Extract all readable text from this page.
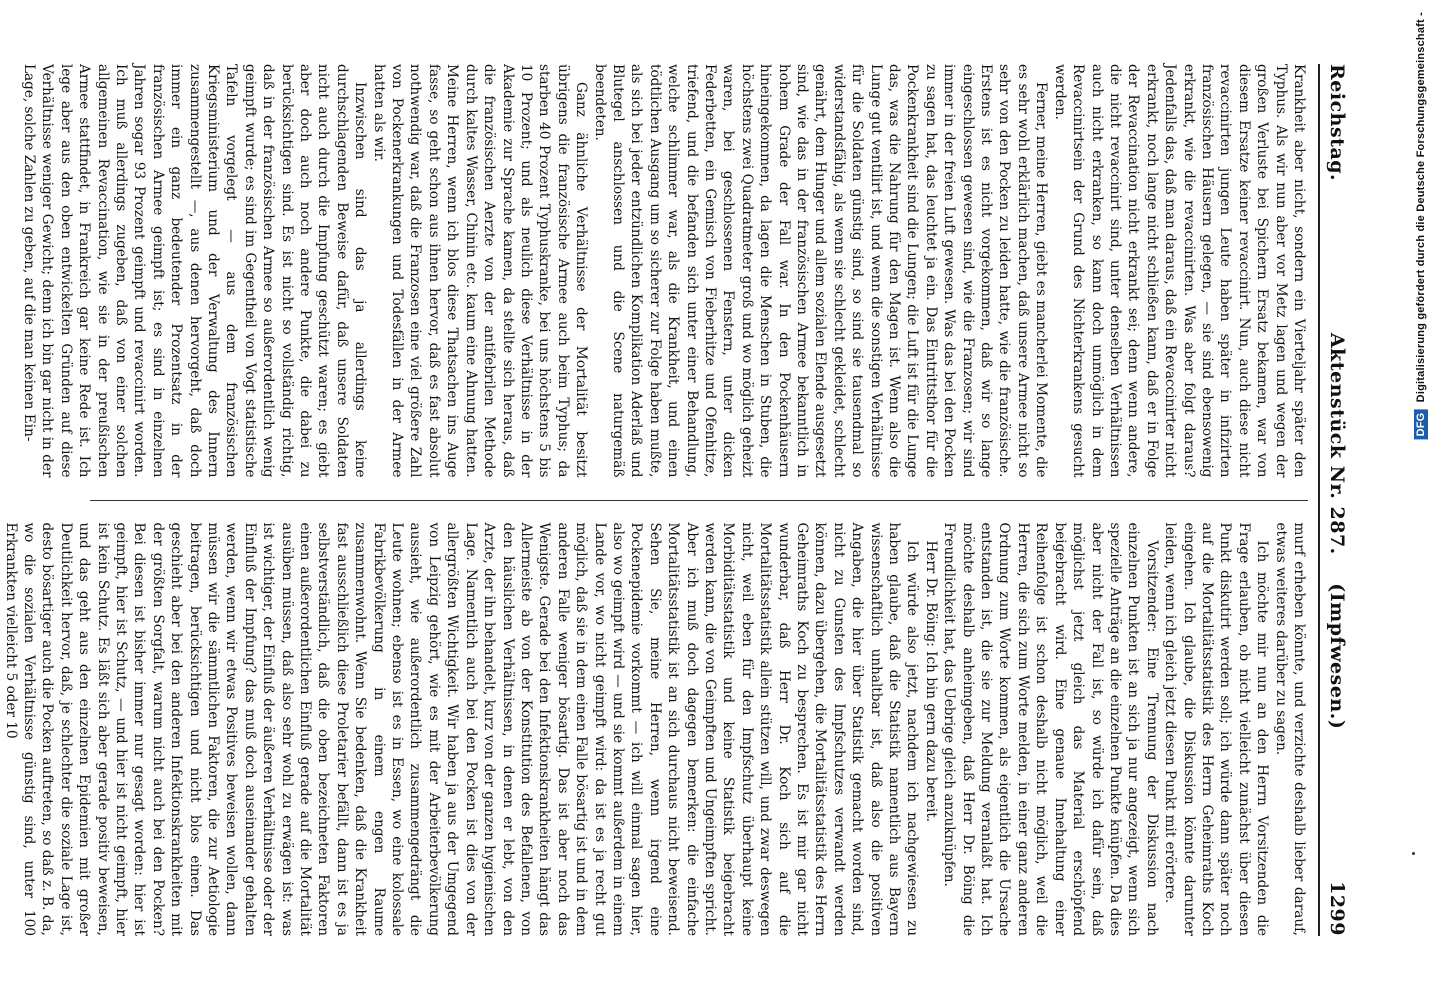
Reichstag.
Aktenstück Nr. 287.    (Impfwesen.)
1299

Krankheit aber nicht, sondern ein Vierteljahr später den Typhus. Als wir nun aber vor Metz lagen und wegen der großen Verluste bei Spichern Ersatz bekamen, war von diesem Ersatze keiner revaccinirt. Nun, auch diese nicht revaccinirten jungen Leute haben später in infizirten französischen Häusern gelegen, — sie sind ebensowenig erkrankt, wie die revaccinirten. Was aber folgt daraus? Jedenfalls das, daß man daraus, daß ein Revaccinirter nicht erkrankt, noch lange nicht schließen kann, daß er in Folge der Revaccination nicht erkrankt sei; denn wenn andere, die nicht revaccinirt sind, unter denselben Verhältnissen auch nicht erkranken, so kann doch unmöglich in dem Revaccinirtsein der Grund des Nichterkrankens gesucht werden.

Ferner, meine Herren, giebt es mancherlei Momente, die es sehr wohl erklärlich machen, daß unsere Armee nicht so sehr von den Pocken zu leiden hatte, wie die französische. Erstens ist es nicht vorgekommen, daß wir so lange eingeschlossen gewesen sind, wie die Franzosen; wir sind immer in der freien Luft gewesen. Was das bei den Pocken zu sagen hat, das leuchtet ja ein. Das Eintrittsthor für die Pockenkrankheit sind die Lungen; die Luft ist für die Lunge das, was die Nahrung für den Magen ist. Wenn also die Lunge gut ventilirt ist, und wenn die sonstigen Verhältnisse für die Soldaten günstig sind, so sind sie tausendmal so widerstandsfähig, als wenn sie schlecht gekleidet, schlecht genährt, dem Hunger und allem sozialen Elende ausgesetzt sind, wie das in der französischen Armee bekanntlich in hohem Grade der Fall war. In den Pockenhäusern hineingekommen, da lagen die Menschen in Stuben, die höchstens zwei Quadratmeter groß und wo möglich geheizt waren, bei geschlossenen Fenstern, unter dicken Federbetten, ein Gemisch von Fieberhitze und Ofenhitze, triefend, und die befanden sich unter einer Behandlung, welche schlimmer war, als die Krankheit, und einen tödtlichen Ausgang um so sicherer zur Folge haben mußte, als sich bei jeder entzündlichen Komplikation Aderlaß und Blutegel anschlossen und die Scene naturgemäß beendeten.

Ganz ähnliche Verhältnisse der Mortalität besitzt übrigens die französische Armee auch beim Typhus; da starben 40 Prozent Typhuskranke, bei uns höchstens 5 bis 10 Prozent; und als neulich diese Verhältnisse in der Akademie zur Sprache kamen, da stellte sich heraus, daß die französischen Aerzte von der antifebrilen Methode durch kaltes Wasser, Chinin etc. kaum eine Ahnung hatten. Meine Herren, wenn ich blos diese Thatsachen ins Auge fasse, so geht schon aus ihnen hervor, daß es fast absolut nothwendig war, daß die Franzosen eine viel größere Zahl von Pockenerkrankungen und Todesfällen in der Armee hatten als wir.

Inzwischen sind das ja allerdings keine durchschlagenden Beweise dafür, daß unsere Soldaten nicht auch durch die Impfung geschützt waren; es giebt aber doch auch noch andere Punkte, die dabei zu berücksichtigen sind. Es ist nicht so vollständig richtig, daß in der französischen Armee so außerordentlich wenig geimpft wurde; es sind im Gegentheil von Vogt statistische Tafeln vorgelegt — aus dem französischen Kriegsministerium und der Verwaltung des Innern zusammengestellt —, aus denen hervorgeht, daß doch immer ein ganz bedeutender Prozentsatz in der französischen Armee geimpft ist; es sind in einzelnen Jahren sogar 93 Prozent geimpft und revaccinirt worden. Ich muß allerdings zugeben, daß von einer solchen allgemeinen Revaccination, wie sie in der preußischen Armee stattfindet, in Frankreich gar keine Rede ist. Ich lege aber aus den oben entwickelten Gründen auf diese Verhältnisse weniger Gewicht; denn ich bin gar nicht in der Lage, solche Zahlen zu geben, auf die man keinen Ein-

murf erheben könnte, und verzichte deshalb lieber darauf, etwas weiteres darüber zu sagen.

Ich möchte mir nun an den Herrn Vorsitzenden die Frage erlauben, ob nicht vielleicht zunächst über diesen Punkt diskutirt werden soll; ich würde dann später noch auf die Mortalitätsstatistik des Herrn Geheimraths Koch eingehen. Ich glaube, die Diskussion könnte darunter leiden, wenn ich gleich jetzt diesen Punkt mit erörtere.

Vorsitzender: Eine Trennung der Diskussion nach einzelnen Punkten ist an sich ja nur angezeigt, wenn sich spezielle Anträge an die einzelnen Punkte knüpfen. Da dies aber nicht der Fall ist, so würde ich dafür sein, daß möglichst jetzt gleich das Material erschöpfend beigebracht wird. Eine genaue Innehaltung einer Reihenfolge ist schon deshalb nicht möglich, weil die Herren, die sich zum Worte melden, in einer ganz anderen Ordnung zum Worte kommen, als eigentlich die Ursache entstanden ist, die sie zur Meldung veranlaßt hat. Ich möchte deshalb anheimgeben, daß Herr Dr. Böing die Freundlichkeit hat, das Uebrige gleich anzuknüpfen.

Herr Dr. Böing: Ich bin gern dazu bereit.

Ich würde also jetzt, nachdem ich nachgewiesen zu haben glaube, daß die Statistik namentlich aus Bayern wissenschaftlich unhaltbar ist, daß also die positiven Angaben, die hier über Statistik gemacht worden sind, nicht zu Gunsten des Impfschutzes verwandt werden können, dazu übergehen, die Mortalitätsstatistik des Herrn Geheimraths Koch zu besprechen. Es ist mir gar nicht wunderbar, daß Herr Dr. Koch sich auf die Mortalitätsstatistik allein stützen will, und zwar deswegen nicht, weil eben für den Impfschutz überhaupt keine Morbiditätsstatistik und keine Statistik beigebracht werden kann, die von Geimpften und Ungeimpften spricht. Aber ich muß doch dagegen bemerken: die einfache Mortalitätsstatistik ist an sich durchaus nicht beweisend. Sehen Sie, meine Herren, wenn irgend eine Pockenepidemie vorkommt — ich will einmal sagen hier, also wo geimpft wird — und sie kommt außerdem in einem Lande vor, wo nicht geimpft wird: da ist es ja recht gut möglich, daß sie in dem einen Falle bösartig ist und in dem anderen Falle weniger bösartig. Das ist aber noch das Wenigste. Gerade bei den Infektionskrankheiten hängt das Allermeiste ab von der Konstitution des Befallenen, von den häuslichen Verhältnissen, in denen er lebt, von den Arzte, der ihn behandelt, kurz von der ganzen hygienischen Lage. Namentlich auch bei den Pocken ist dies von der allergrößten Wichtigkeit. Wir haben ja aus der Umgegend von Leipzig gehört, wie es mit der Arbeiterbevölkerung aussieht, wie außerordentlich zusammengedrängt die Leute wohnen; ebenso ist es in Essen, wo eine kolossale Fabrikbevölkerung in einem engen Raume zusammenwohnt. Wenn Sie bedenken, daß die Krankheit fast ausschließlich diese Proletarier befällt, dann ist es ja selbstverständlich, daß die oben bezeichneten Faktoren einen außerordentlichen Einfluß gerade auf die Mortalität ausüben müssen, daß also sehr wohl zu erwägen ist: was ist wichtiger, der Einfluß der äußeren Verhältnisse oder der Einfluß der Impfung? das muß doch auseinander gehalten werden, wenn wir etwas Positives beweisen wollen, dann müssen wir die sämmtlichen Faktoren, die zur Aetiologie beitragen, berücksichtigen und nicht blos einen. Das geschieht aber bei den anderen Infektionskrankheiten mit der größten Sorgfalt, warum nicht auch bei den Pocken? Bei diesen ist bisher immer nur gesagt worden: hier ist geimpft, hier ist Schutz, — und hier ist nicht geimpft, hier ist kein Schutz. Es läßt sich aber gerade positiv beweisen, und das geht aus den einzelnen Epidemien mit großer Deutlichkeit hervor, daß, je schlechter die soziale Lage ist, desto bösartiger auch die Pocken auftreten, so daß z. B. da, wo die sozialen Verhältnisse günstig sind, unter 100 Erkrankten vielleicht 5 oder 10

DFG Digitalisierung gefördert durch die Deutsche Forschungsgemeinschaft -
